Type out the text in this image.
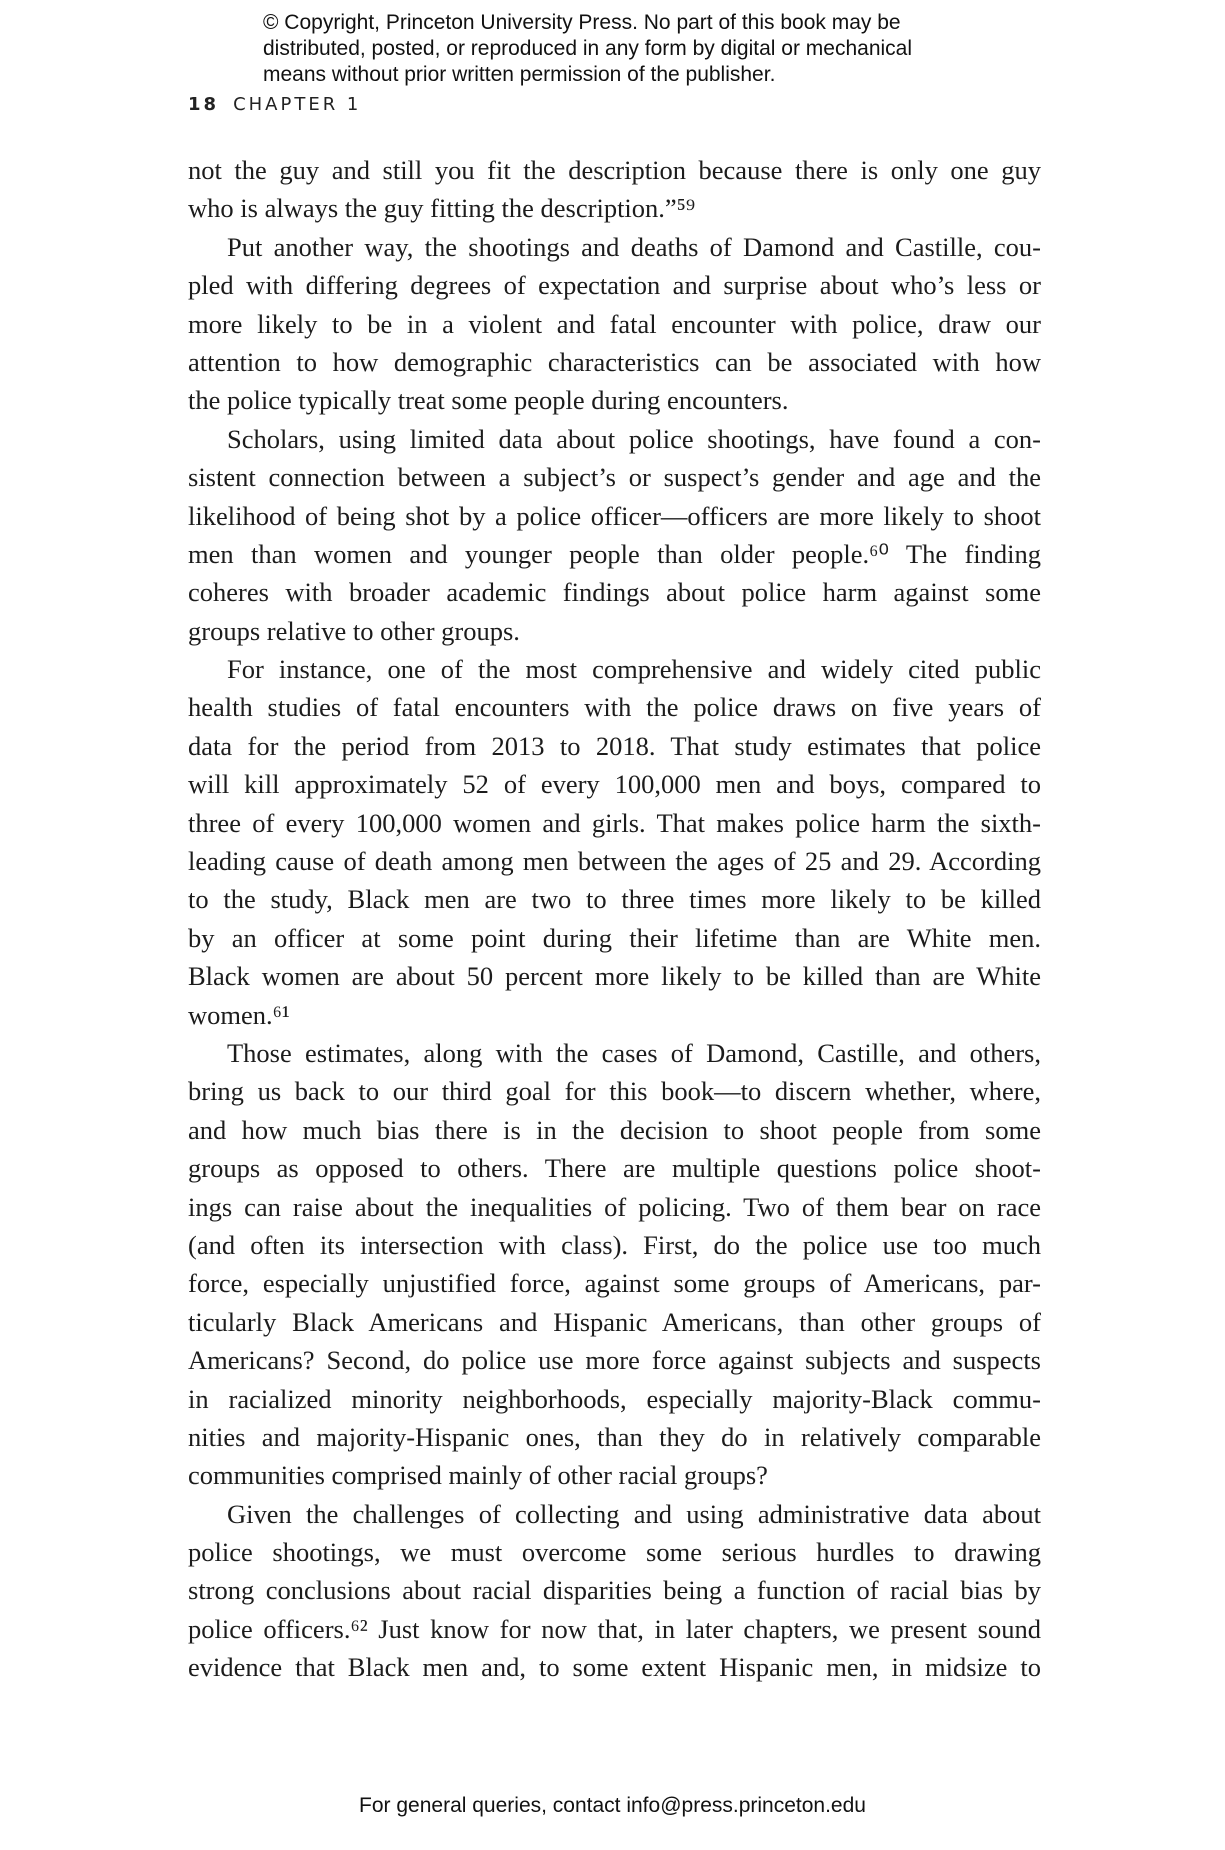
© Copyright, Princeton University Press. No part of this book may be
distributed, posted, or reproduced in any form by digital or mechanical
means without prior written permission of the publisher.
18 CHAPTER 1
not the guy and still you fit the description because there is only one guy
who is always the guy fitting the description.”⁵⁹
Put another way, the shootings and deaths of Damond and Castille, cou-
pled with differing degrees of expectation and surprise about who’s less or
more likely to be in a violent and fatal encounter with police, draw our
attention to how demographic characteristics can be associated with how
the police typically treat some people during encounters.
Scholars, using limited data about police shootings, have found a con-
sistent connection between a subject’s or suspect’s gender and age and the
likelihood of being shot by a police officer—officers are more likely to shoot
men than women and younger people than older people.⁶⁰ The finding
coheres with broader academic findings about police harm against some
groups relative to other groups.
For instance, one of the most comprehensive and widely cited public
health studies of fatal encounters with the police draws on five years of
data for the period from 2013 to 2018. That study estimates that police
will kill approximately 52 of every 100,000 men and boys, compared to
three of every 100,000 women and girls. That makes police harm the sixth-
leading cause of death among men between the ages of 25 and 29. According
to the study, Black men are two to three times more likely to be killed
by an officer at some point during their lifetime than are White men.
Black women are about 50 percent more likely to be killed than are White
women.⁶¹
Those estimates, along with the cases of Damond, Castille, and others,
bring us back to our third goal for this book—to discern whether, where,
and how much bias there is in the decision to shoot people from some
groups as opposed to others. There are multiple questions police shoot-
ings can raise about the inequalities of policing. Two of them bear on race
(and often its intersection with class). First, do the police use too much
force, especially unjustified force, against some groups of Americans, par-
ticularly Black Americans and Hispanic Americans, than other groups of
Americans? Second, do police use more force against subjects and suspects
in racialized minority neighborhoods, especially majority-Black commu-
nities and majority-Hispanic ones, than they do in relatively comparable
communities comprised mainly of other racial groups?
Given the challenges of collecting and using administrative data about
police shootings, we must overcome some serious hurdles to drawing
strong conclusions about racial disparities being a function of racial bias by
police officers.⁶² Just know for now that, in later chapters, we present sound
evidence that Black men and, to some extent Hispanic men, in midsize to
For general queries, contact info@press.princeton.edu
